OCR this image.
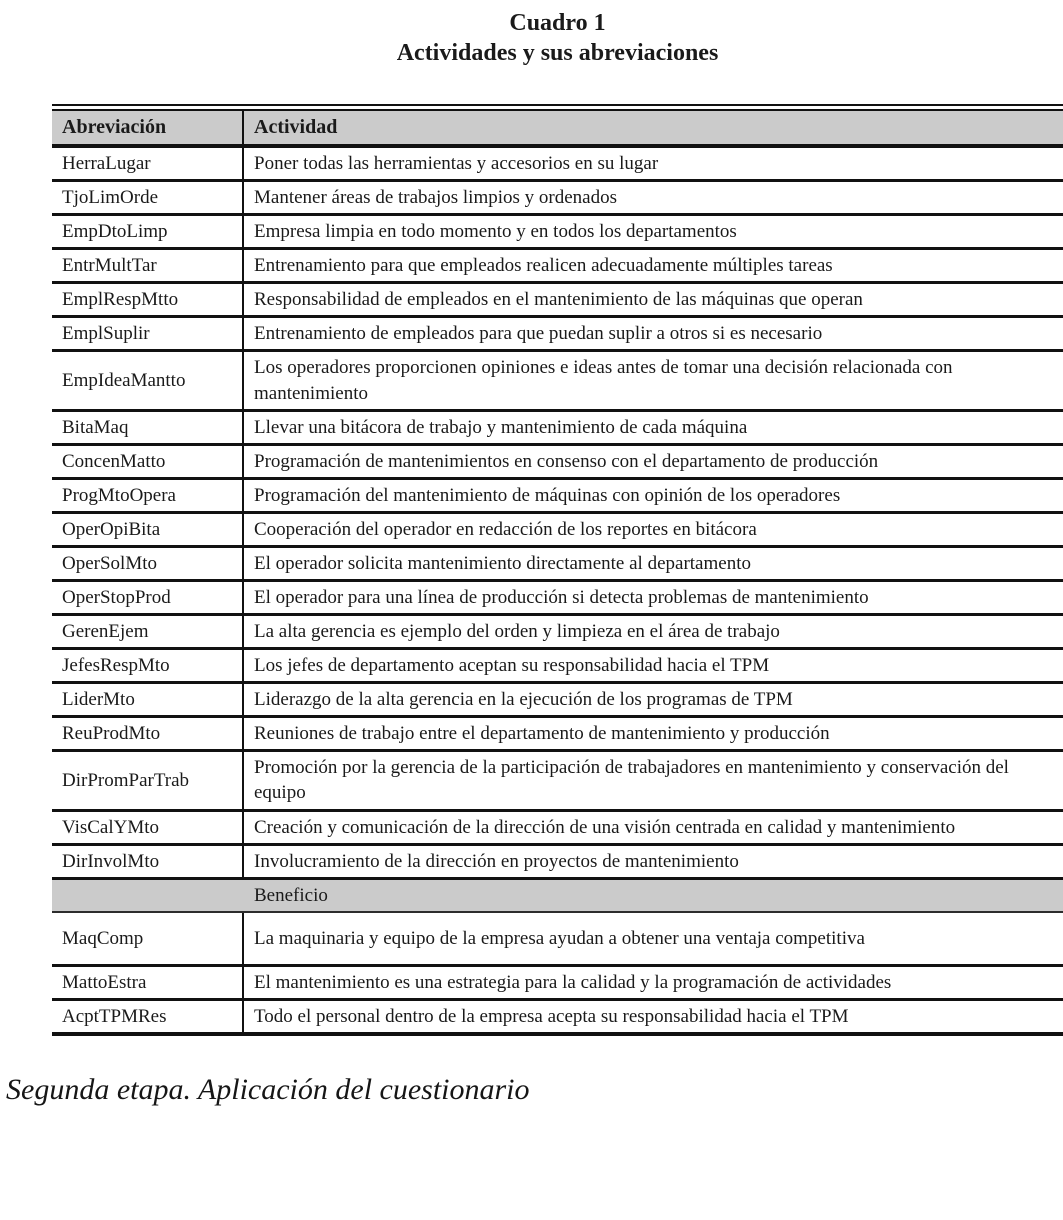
Cuadro 1
Actividades y sus abreviaciones
Abreviación	Actividad
HerraLugar	Poner todas las herramientas y accesorios en su lugar
TjoLimOrde	Mantener áreas de trabajos limpios y ordenados
EmpDtoLimp	Empresa limpia en todo momento y en todos los departamentos
EntrMultTar	Entrenamiento para que empleados realicen adecuadamente múltiples tareas
EmplRespMtto	Responsabilidad de empleados en el mantenimiento de las máquinas que operan
EmplSuplir	Entrenamiento de empleados para que puedan suplir a otros si es necesario
EmpIdeaMantto	Los operadores proporcionen opiniones e ideas antes de tomar una decisión relacionada con mantenimiento
BitaMaq	Llevar una bitácora de trabajo y mantenimiento de cada máquina
ConcenMatto	Programación de mantenimientos en consenso con el departamento de producción
ProgMtoOpera	Programación del mantenimiento de máquinas con opinión de los operadores
OperOpiBita	Cooperación del operador en redacción de los reportes en bitácora
OperSolMto	El operador solicita mantenimiento directamente al departamento
OperStopProd	El operador para una línea de producción si detecta problemas de mantenimiento
GerenEjem	La alta gerencia es ejemplo del orden y limpieza en el área de trabajo
JefesRespMto	Los jefes de departamento aceptan su responsabilidad hacia el TPM
LiderMto	Liderazgo de la alta gerencia en la ejecución de los programas de TPM
ReuProdMto	Reuniones de trabajo entre el departamento de mantenimiento y producción
DirPromParTrab	Promoción por la gerencia de la participación de trabajadores en mantenimiento y conservación del equipo
VisCalYMto	Creación y comunicación de la dirección de una visión centrada en calidad y mantenimiento
DirInvolMto	Involucramiento de la dirección en proyectos de mantenimiento
Beneficio	
MaqComp	La maquinaria y equipo de la empresa ayudan a obtener una ventaja competitiva
MattoEstra	El mantenimiento es una estrategia para la calidad y la programación de actividades
AcptTPMRes	Todo el personal dentro de la empresa acepta su responsabilidad hacia el TPM
Segunda etapa. Aplicación del cuestionario
